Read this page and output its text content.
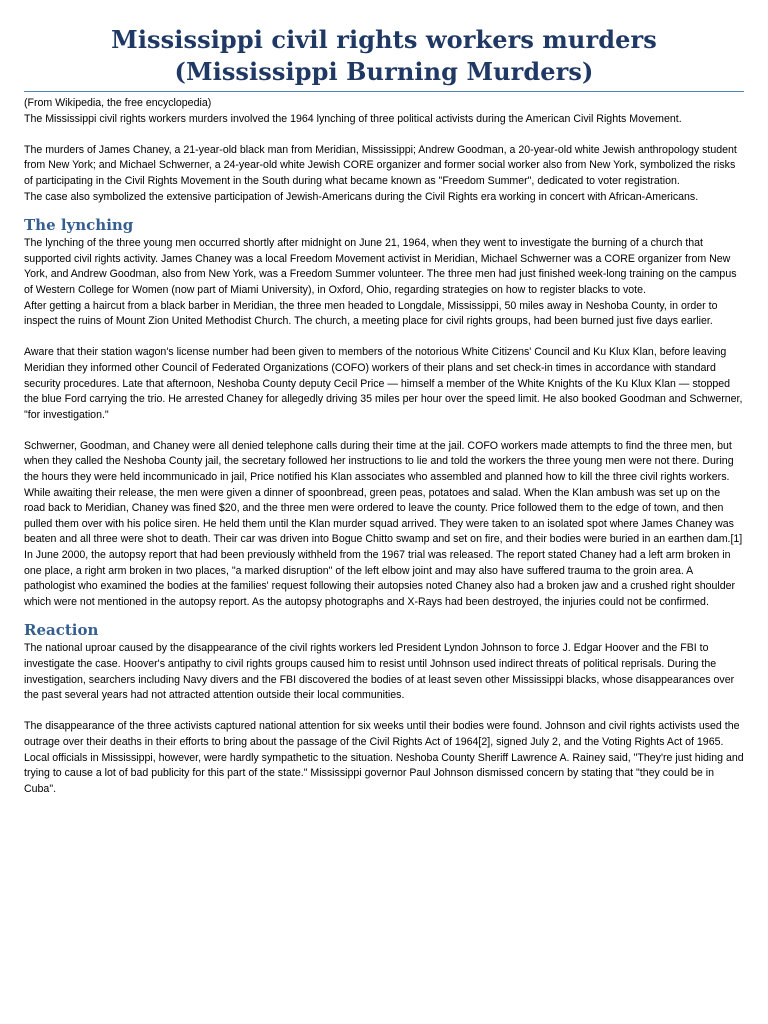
Mississippi civil rights workers murders
(Mississippi Burning Murders)

(From Wikipedia, the free encyclopedia)

The Mississippi civil rights workers murders involved the 1964 lynching of three political activists during the American Civil Rights Movement.

The murders of James Chaney, a 21-year-old black man from Meridian, Mississippi; Andrew Goodman, a 20-year-old white Jewish anthropology student from New York; and Michael Schwerner, a 24-year-old white Jewish CORE organizer and former social worker also from New York, symbolized the risks of participating in the Civil Rights Movement in the South during what became known as "Freedom Summer", dedicated to voter registration.

The case also symbolized the extensive participation of Jewish-Americans during the Civil Rights era working in concert with African-Americans.

The lynching

The lynching of the three young men occurred shortly after midnight on June 21, 1964, when they went to investigate the burning of a church that supported civil rights activity. James Chaney was a local Freedom Movement activist in Meridian, Michael Schwerner was a CORE organizer from New York, and Andrew Goodman, also from New York, was a Freedom Summer volunteer. The three men had just finished week-long training on the campus of Western College for Women (now part of Miami University), in Oxford, Ohio, regarding strategies on how to register blacks to vote.

After getting a haircut from a black barber in Meridian, the three men headed to Longdale, Mississippi, 50 miles away in Neshoba County, in order to inspect the ruins of Mount Zion United Methodist Church. The church, a meeting place for civil rights groups, had been burned just five days earlier.

Aware that their station wagon's license number had been given to members of the notorious White Citizens' Council and Ku Klux Klan, before leaving Meridian they informed other Council of Federated Organizations (COFO) workers of their plans and set check-in times in accordance with standard security procedures. Late that afternoon, Neshoba County deputy Cecil Price — himself a member of the White Knights of the Ku Klux Klan — stopped the blue Ford carrying the trio. He arrested Chaney for allegedly driving 35 miles per hour over the speed limit. He also booked Goodman and Schwerner, "for investigation."

Schwerner, Goodman, and Chaney were all denied telephone calls during their time at the jail. COFO workers made attempts to find the three men, but when they called the Neshoba County jail, the secretary followed her instructions to lie and told the workers the three young men were not there. During the hours they were held incommunicado in jail, Price notified his Klan associates who assembled and planned how to kill the three civil rights workers.

While awaiting their release, the men were given a dinner of spoonbread, green peas, potatoes and salad. When the Klan ambush was set up on the road back to Meridian, Chaney was fined $20, and the three men were ordered to leave the county. Price followed them to the edge of town, and then pulled them over with his police siren. He held them until the Klan murder squad arrived. They were taken to an isolated spot where James Chaney was beaten and all three were shot to death. Their car was driven into Bogue Chitto swamp and set on fire, and their bodies were buried in an earthen dam.[1] In June 2000, the autopsy report that had been previously withheld from the 1967 trial was released. The report stated Chaney had a left arm broken in one place, a right arm broken in two places, "a marked disruption" of the left elbow joint and may also have suffered trauma to the groin area. A pathologist who examined the bodies at the families' request following their autopsies noted Chaney also had a broken jaw and a crushed right shoulder which were not mentioned in the autopsy report. As the autopsy photographs and X-Rays had been destroyed, the injuries could not be confirmed.

Reaction

The national uproar caused by the disappearance of the civil rights workers led President Lyndon Johnson to force J. Edgar Hoover and the FBI to investigate the case. Hoover's antipathy to civil rights groups caused him to resist until Johnson used indirect threats of political reprisals. During the investigation, searchers including Navy divers and the FBI discovered the bodies of at least seven other Mississippi blacks, whose disappearances over the past several years had not attracted attention outside their local communities.

The disappearance of the three activists captured national attention for six weeks until their bodies were found. Johnson and civil rights activists used the outrage over their deaths in their efforts to bring about the passage of the Civil Rights Act of 1964[2], signed July 2, and the Voting Rights Act of 1965.

Local officials in Mississippi, however, were hardly sympathetic to the situation. Neshoba County Sheriff Lawrence A. Rainey said, "They're just hiding and trying to cause a lot of bad publicity for this part of the state." Mississippi governor Paul Johnson dismissed concern by stating that "they could be in Cuba".
